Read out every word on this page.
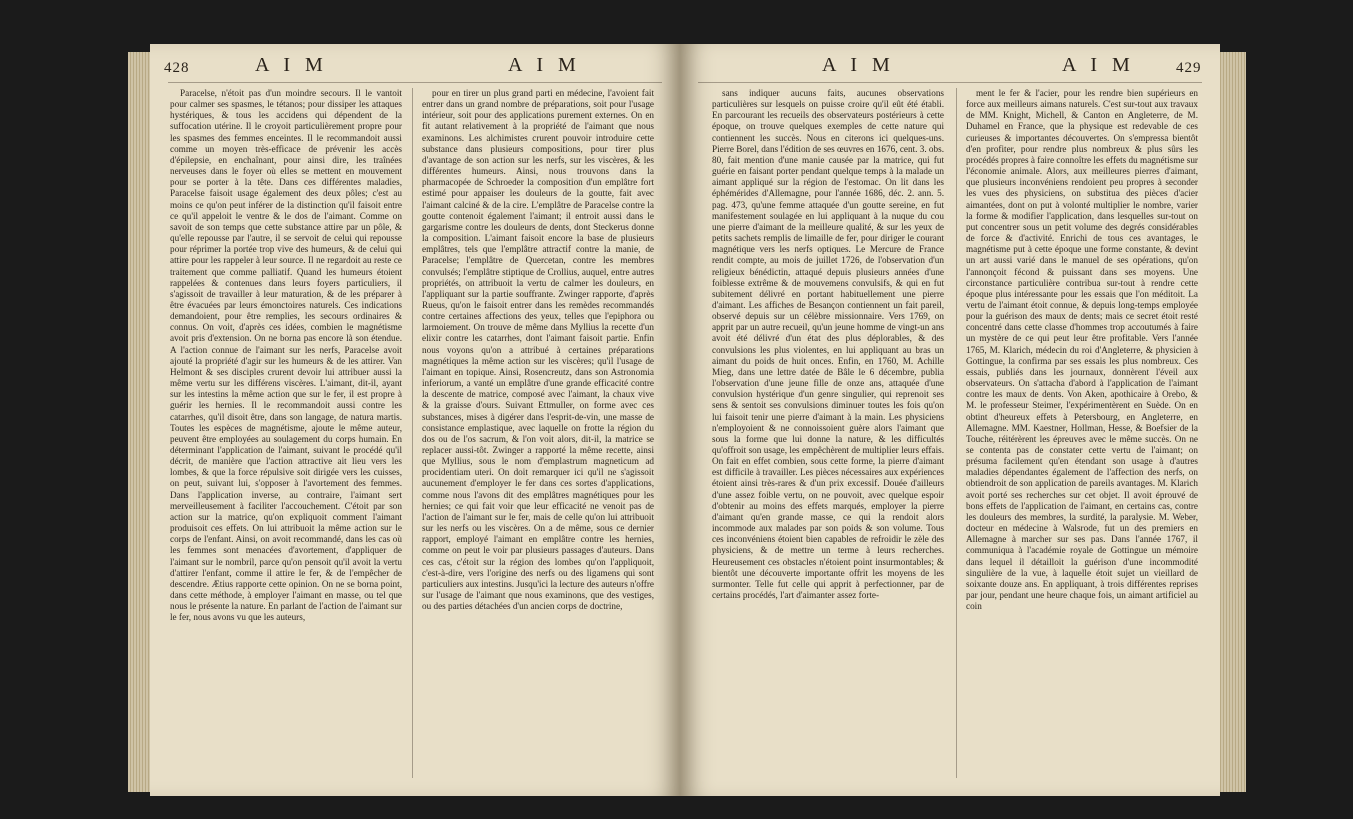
428	A I M	A I M

Paracelse, n'étoit pas d'un moindre secours. Il le vantoit pour calmer ses spasmes, le tétanos; pour dissiper les attaques hystériques, & tous les accidens qui dépendent de la suffocation utérine. Il le croyoit particulièrement propre pour les spasmes des femmes enceintes. Il le recommandoit aussi comme un moyen très-efficace de prévenir les accès d'épilepsie, en enchaînant, pour ainsi dire, les traînées nerveuses dans le foyer où elles se mettent en mouvement pour se porter à la tête. Dans ces différentes maladies, Paracelse faisoit usage également des deux pôles; c'est au moins ce qu'on peut inférer de la distinction qu'il faisoit entre ce qu'il appeloit le ventre & le dos de l'aimant. Comme on savoit de son temps que cette substance attire par un pôle, & qu'elle repousse par l'autre, il se servoit de celui qui repousse pour réprimer la portée trop vive des humeurs, & de celui qui attire pour les rappeler à leur source. Il ne regardoit au reste ce traitement que comme palliatif. Quand les humeurs étoient rappelées & contenues dans leurs foyers particuliers, il s'agissoit de travailler à leur maturation, & de les préparer à être évacuées par leurs émonctoires naturels. Ces indications demandoient, pour être remplies, les secours ordinaires & connus. On voit, d'après ces idées, combien le magnétisme avoit pris d'extension. On ne borna pas encore là son étendue. A l'action connue de l'aimant sur les nerfs, Paracelse avoit ajouté la propriété d'agir sur les humeurs & de les attirer. Van Helmont & ses disciples crurent devoir lui attribuer aussi la même vertu sur les différens viscères. L'aimant, dit-il, ayant sur les intestins la même action que sur le fer, il est propre à guérir les hernies. Il le recommandoit aussi contre les catarrhes, qu'il disoit être, dans son langage, de natura martis. Toutes les espèces de magnétisme, ajoute le même auteur, peuvent être employées au soulagement du corps humain. En déterminant l'application de l'aimant, suivant le procédé qu'il décrit, de manière que l'action attractive ait lieu vers les lombes, & que la force répulsive soit dirigée vers les cuisses, on peut, suivant lui, s'opposer à l'avortement des femmes. Dans l'application inverse, au contraire, l'aimant sert merveilleusement à faciliter l'accouchement. C'étoit par son action sur la matrice, qu'on expliquoit comment l'aimant produisoit ces effets. On lui attribuoit la même action sur le corps de l'enfant. Ainsi, on avoit recommandé, dans les cas où les femmes sont menacées d'avortement, d'appliquer de l'aimant sur le nombril, parce qu'on pensoit qu'il avoit la vertu d'attirer l'enfant, comme il attire le fer, & de l'empêcher de descendre. Ætius rapporte cette opinion. On ne se borna point, dans cette méthode, à employer l'aimant en masse, ou tel que nous le présente la nature. En parlant de l'action de l'aimant sur le fer, nous avons vu que les auteurs,

pour en tirer un plus grand parti en médecine, l'avoient fait entrer dans un grand nombre de préparations, soit pour l'usage intérieur, soit pour des applications purement externes. On en fit autant relativement à la propriété de l'aimant que nous examinons. Les alchimistes crurent pouvoir introduire cette substance dans plusieurs compositions, pour tirer plus d'avantage de son action sur les nerfs, sur les viscères, & les différentes humeurs. Ainsi, nous trouvons dans la pharmacopée de Schroeder la composition d'un emplâtre fort estimé pour appaiser les douleurs de la goutte, fait avec l'aimant calciné & de la cire. L'emplâtre de Paracelse contre la goutte contenoit également l'aimant; il entroit aussi dans le gargarisme contre les douleurs de dents, dont Steckerus donne la composition. L'aimant faisoit encore la base de plusieurs emplâtres, tels que l'emplâtre attractif contre la manie, de Paracelse; l'emplâtre de Quercetan, contre les membres convulsés; l'emplâtre stiptique de Crollius, auquel, entre autres propriétés, on attribuoit la vertu de calmer les douleurs, en l'appliquant sur la partie souffrante. Zwinger rapporte, d'après Rueus, qu'on le faisoit entrer dans les remèdes recommandés contre certaines affections des yeux, telles que l'epiphora ou larmoiement. On trouve de même dans Myllius la recette d'un elixir contre les catarrhes, dont l'aimant faisoit partie. Enfin nous voyons qu'on a attribué à certaines préparations magnétiques la même action sur les viscères; qu'il l'usage de l'aimant en topique. Ainsi, Rosencreutz, dans son Astronomia inferiorum, a vanté un emplâtre d'une grande efficacité contre la descente de matrice, composé avec l'aimant, la chaux vive & la graisse d'ours. Suivant Ettmuller, on forme avec ces substances, mises à digérer dans l'esprit-de-vin, une masse de consistance emplastique, avec laquelle on frotte la région du dos ou de l'os sacrum, & l'on voit alors, dit-il, la matrice se replacer aussi-tôt. Zwinger a rapporté la même recette, ainsi que Myllius, sous le nom d'emplastrum magneticum ad procidentiam uteri. On doit remarquer ici qu'il ne s'agissoit aucunement d'employer le fer dans ces sortes d'applications, comme nous l'avons dit des emplâtres magnétiques pour les hernies; ce qui fait voir que leur efficacité ne venoit pas de l'action de l'aimant sur le fer, mais de celle qu'on lui attribuoit sur les nerfs ou les viscères. On a de même, sous ce dernier rapport, employé l'aimant en emplâtre contre les hernies, comme on peut le voir par plusieurs passages d'auteurs. Dans ces cas, c'étoit sur la région des lombes qu'on l'appliquoit, c'est-à-dire, vers l'origine des nerfs ou des ligamens qui sont particuliers aux intestins. Jusqu'ici la lecture des auteurs n'offre sur l'usage de l'aimant que nous examinons, que des vestiges, ou des parties détachées d'un ancien corps de doctrine,

A I M	A I M	429

sans indiquer aucuns faits, aucunes observations particulières sur lesquels on puisse croire qu'il eût été établi. En parcourant les recueils des observateurs postérieurs à cette époque, on trouve quelques exemples de cette nature qui contiennent les succès. Nous en citerons ici quelques-uns. Pierre Borel, dans l'édition de ses œuvres en 1676, cent. 3. obs. 80, fait mention d'une manie causée par la matrice, qui fut guérie en faisant porter pendant quelque temps à la malade un aimant appliqué sur la région de l'estomac. On lit dans les éphémérides d'Allemagne, pour l'année 1686, déc. 2. ann. 5. pag. 473, qu'une femme attaquée d'un goutte sereine, en fut manifestement soulagée en lui appliquant à la nuque du cou une pierre d'aimant de la meilleure qualité, & sur les yeux de petits sachets remplis de limaille de fer, pour diriger le courant magnétique vers les nerfs optiques. Le Mercure de France rendit compte, au mois de juillet 1726, de l'observation d'un religieux bénédictin, attaqué depuis plusieurs années d'une foiblesse extrême & de mouvemens convulsifs, & qui en fut subitement délivré en portant habituellement une pierre d'aimant. Les affiches de Besançon contiennent un fait pareil, observé depuis sur un célèbre missionnaire. Vers 1769, on apprit par un autre recueil, qu'un jeune homme de vingt-un ans avoit été délivré d'un état des plus déplorables, & des convulsions les plus violentes, en lui appliquant au bras un aimant du poids de huit onces. Enfin, en 1760, M. Achille Mieg, dans une lettre datée de Bâle le 6 décembre, publia l'observation d'une jeune fille de onze ans, attaquée d'une convulsion hystérique d'un genre singulier, qui reprenoit ses sens & sentoit ses convulsions diminuer toutes les fois qu'on lui faisoit tenir une pierre d'aimant à la main. Les physiciens n'employoient & ne connoissoient guère alors l'aimant que sous la forme que lui donne la nature, & les difficultés qu'offroit son usage, les empêchèrent de multiplier leurs effais. On fait en effet combien, sous cette forme, la pierre d'aimant est difficile à travailler. Les pièces nécessaires aux expériences étoient ainsi très-rares & d'un prix excessif. Douée d'ailleurs d'une assez foible vertu, on ne pouvoit, avec quelque espoir d'obtenir au moins des effets marqués, employer la pierre d'aimant qu'en grande masse, ce qui la rendoit alors incommode aux malades par son poids & son volume. Tous ces inconvéniens étoient bien capables de refroidir le zèle des physiciens, & de mettre un terme à leurs recherches. Heureusement ces obstacles n'étoient point insurmontables; & bientôt une découverte importante offrit les moyens de les surmonter. Telle fut celle qui apprit à perfectionner, par de certains procédés, l'art d'aimanter assez forte-

ment le fer & l'acier, pour les rendre bien supérieurs en force aux meilleurs aimans naturels. C'est sur-tout aux travaux de MM. Knight, Michell, & Canton en Angleterre, de M. Duhamel en France, que la physique est redevable de ces curieuses & importantes découvertes. On s'empressa bientôt d'en profiter, pour rendre plus nombreux & plus sûrs les procédés propres à faire connoître les effets du magnétisme sur l'économie animale. Alors, aux meilleures pierres d'aimant, que plusieurs inconvéniens rendoient peu propres à seconder les vues des physiciens, on substitua des pièces d'acier aimantées, dont on put à volonté multiplier le nombre, varier la forme & modifier l'application, dans lesquelles sur-tout on put concentrer sous un petit volume des degrés considérables de force & d'activité. Enrichi de tous ces avantages, le magnétisme put à cette époque une forme constante, & devint un art aussi varié dans le manuel de ses opérations, qu'on l'annonçoit fécond & puissant dans ses moyens. Une circonstance particulière contribua sur-tout à rendre cette époque plus intéressante pour les essais que l'on méditoit. La vertu de l'aimant étoit connue, & depuis long-temps employée pour la guérison des maux de dents; mais ce secret étoit resté concentré dans cette classe d'hommes trop accoutumés à faire un mystère de ce qui peut leur être profitable. Vers l'année 1765, M. Klarich, médecin du roi d'Angleterre, & physicien à Gottingue, la confirma par ses essais les plus nombreux. Ces essais, publiés dans les journaux, donnèrent l'éveil aux observateurs. On s'attacha d'abord à l'application de l'aimant contre les maux de dents. Von Aken, apothicaire à Orebo, & M. le professeur Steimer, l'expérimentèrent en Suède. On en obtint d'heureux effets à Petersbourg, en Angleterre, en Allemagne. MM. Kaestner, Hollman, Hesse, & Boefsier de la Touche, réitérèrent les épreuves avec le même succès. On ne se contenta pas de constater cette vertu de l'aimant; on présuma facilement qu'en étendant son usage à d'autres maladies dépendantes également de l'affection des nerfs, on obtiendroit de son application de pareils avantages. M. Klarich avoit porté ses recherches sur cet objet. Il avoit éprouvé de bons effets de l'application de l'aimant, en certains cas, contre les douleurs des membres, la surdité, la paralysie. M. Weber, docteur en médecine à Walsrode, fut un des premiers en Allemagne à marcher sur ses pas. Dans l'année 1767, il communiqua à l'académie royale de Gottingue un mémoire dans lequel il détailloit la guérison d'une incommodité singulière de la vue, à laquelle étoit sujet un vieillard de soixante douze ans. En appliquant, à trois différentes reprises par jour, pendant une heure chaque fois, un aimant artificiel au coin
